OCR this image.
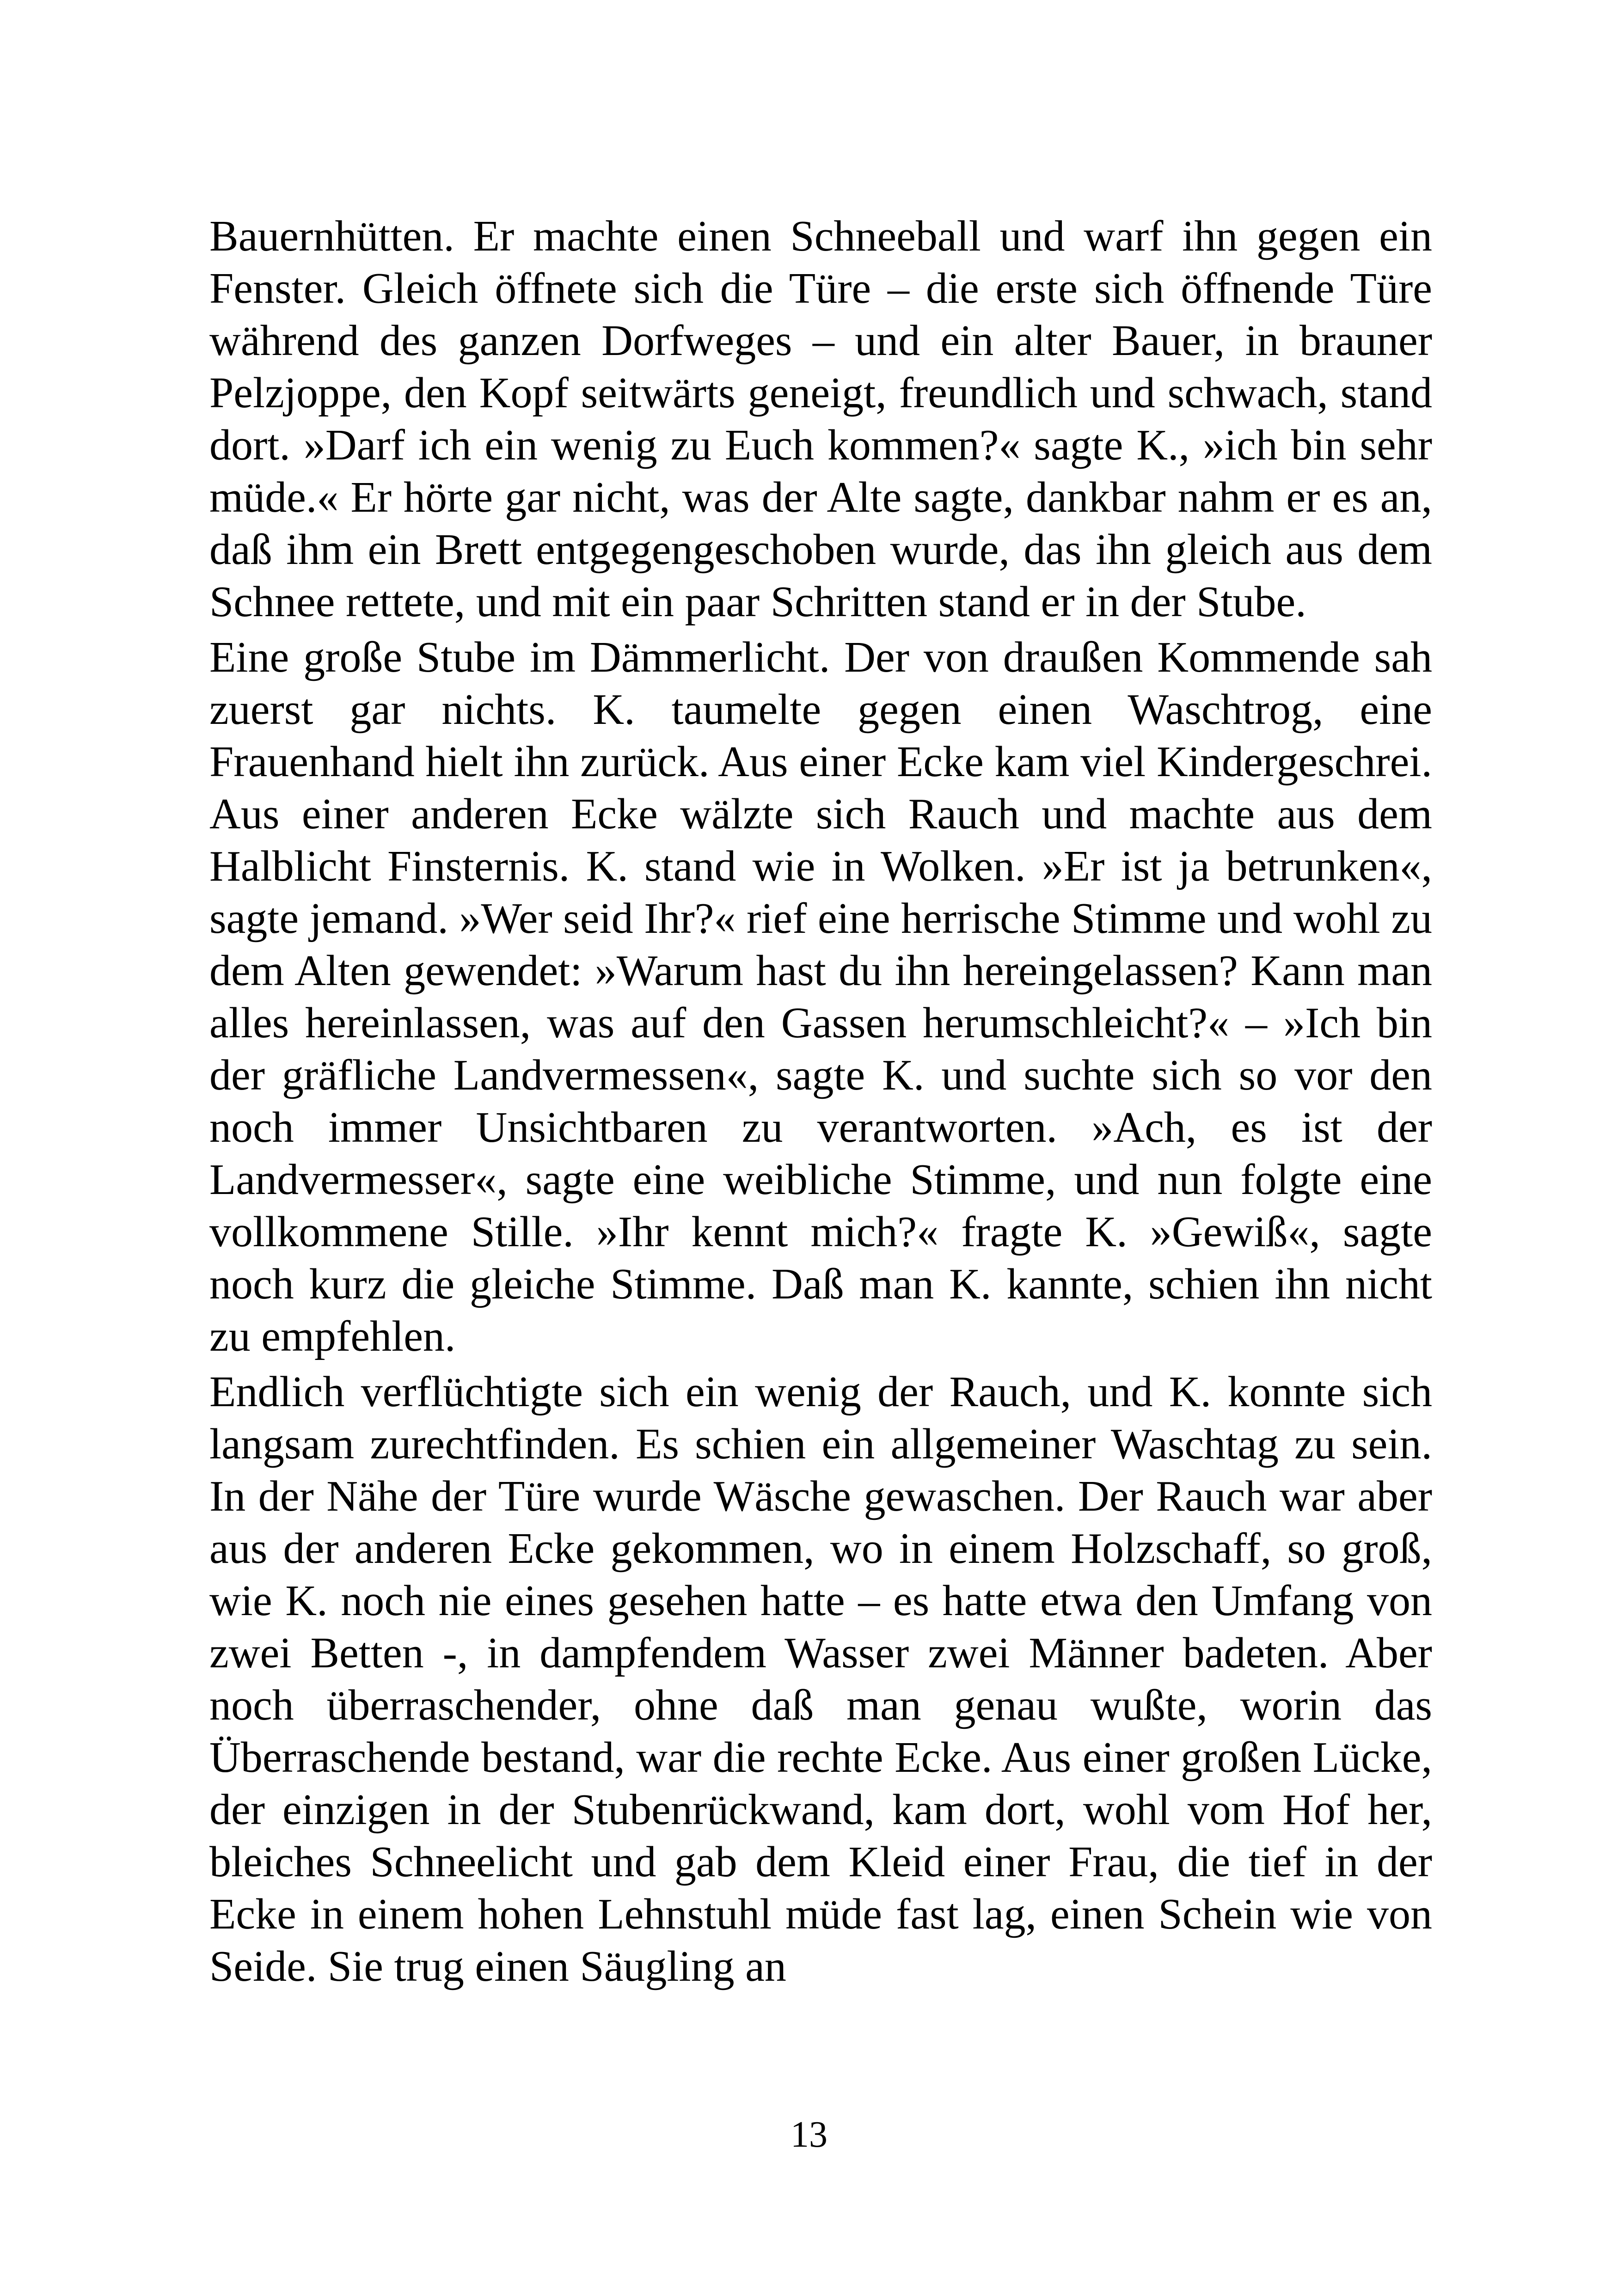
Bauernhütten. Er machte einen Schneeball und warf ihn gegen ein Fenster. Gleich öffnete sich die Türe – die erste sich öffnende Türe während des ganzen Dorfweges – und ein alter Bauer, in brauner Pelzjoppe, den Kopf seitwärts geneigt, freundlich und schwach, stand dort. »Darf ich ein wenig zu Euch kommen?« sagte K., »ich bin sehr müde.« Er hörte gar nicht, was der Alte sagte, dankbar nahm er es an, daß ihm ein Brett entgegengeschoben wurde, das ihn gleich aus dem Schnee rettete, und mit ein paar Schritten stand er in der Stube.

Eine große Stube im Dämmerlicht. Der von draußen Kommende sah zuerst gar nichts. K. taumelte gegen einen Waschtrog, eine Frauenhand hielt ihn zurück. Aus einer Ecke kam viel Kindergeschrei. Aus einer anderen Ecke wälzte sich Rauch und machte aus dem Halblicht Finsternis. K. stand wie in Wolken. »Er ist ja betrunken«, sagte jemand. »Wer seid Ihr?« rief eine herrische Stimme und wohl zu dem Alten gewendet: »Warum hast du ihn hereingelassen? Kann man alles hereinlassen, was auf den Gassen herumschleicht?« – »Ich bin der gräfliche Landvermessen«, sagte K. und suchte sich so vor den noch immer Unsichtbaren zu verantworten. »Ach, es ist der Landvermesser«, sagte eine weibliche Stimme, und nun folgte eine vollkommene Stille. »Ihr kennt mich?« fragte K. »Gewiß«, sagte noch kurz die gleiche Stimme. Daß man K. kannte, schien ihn nicht zu empfehlen.

Endlich verflüchtigte sich ein wenig der Rauch, und K. konnte sich langsam zurechtfinden. Es schien ein allgemeiner Waschtag zu sein. In der Nähe der Türe wurde Wäsche gewaschen. Der Rauch war aber aus der anderen Ecke gekommen, wo in einem Holzschaff, so groß, wie K. noch nie eines gesehen hatte – es hatte etwa den Umfang von zwei Betten -, in dampfendem Wasser zwei Männer badeten. Aber noch überraschender, ohne daß man genau wußte, worin das Überraschende bestand, war die rechte Ecke. Aus einer großen Lücke, der einzigen in der Stubenrückwand, kam dort, wohl vom Hof her, bleiches Schneelicht und gab dem Kleid einer Frau, die tief in der Ecke in einem hohen Lehnstuhl müde fast lag, einen Schein wie von Seide. Sie trug einen Säugling an

13
